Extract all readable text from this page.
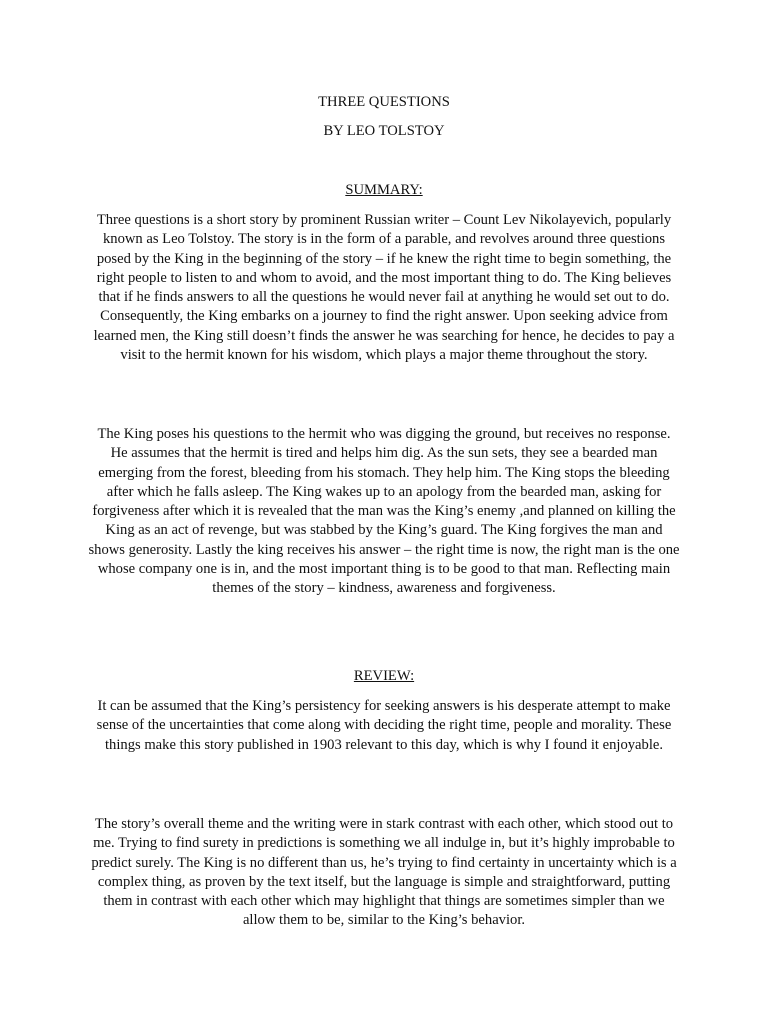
THREE QUESTIONS

BY LEO TOLSTOY

SUMMARY:

Three questions is a short story by prominent Russian writer – Count Lev Nikolayevich, popularly known as Leo Tolstoy. The story is in the form of a parable, and revolves around three questions posed by the King in the beginning of the story – if he knew the right time to begin something, the right people to listen to and whom to avoid, and the most important thing to do. The King believes that if he finds answers to all the questions he would never fail at anything he would set out to do. Consequently, the King embarks on a journey to find the right answer. Upon seeking advice from learned men, the King still doesn’t finds the answer he was searching for hence, he decides to pay a visit to the hermit known for his wisdom, which plays a major theme throughout the story.

The King poses his questions to the hermit who was digging the ground, but receives no response. He assumes that the hermit is tired and helps him dig. As the sun sets, they see a bearded man emerging from the forest, bleeding from his stomach. They help him. The King stops the bleeding after which he falls asleep. The King wakes up to an apology from the bearded man, asking for forgiveness after which it is revealed that the man was the King’s enemy ,and planned on killing the King as an act of revenge, but was stabbed by the King’s guard. The King forgives the man and shows generosity. Lastly the king receives his answer – the right time is now, the right man is the one whose company one is in, and the most important thing is to be good to that man. Reflecting main themes of the story – kindness, awareness and forgiveness.

REVIEW:

It can be assumed that the King’s persistency for seeking answers is his desperate attempt to make sense of the uncertainties that come along with deciding the right time, people and morality. These things make this story published in 1903 relevant to this day, which is why I found it enjoyable.

The story’s overall theme and the writing were in stark contrast with each other, which stood out to me. Trying to find surety in predictions is something we all indulge in, but it’s highly improbable to predict surely. The King is no different than us, he’s trying to find certainty in uncertainty which is a complex thing, as proven by the text itself, but the language is simple and straightforward, putting them in contrast with each other which may highlight that things are sometimes simpler than we allow them to be, similar to the King’s behavior.
